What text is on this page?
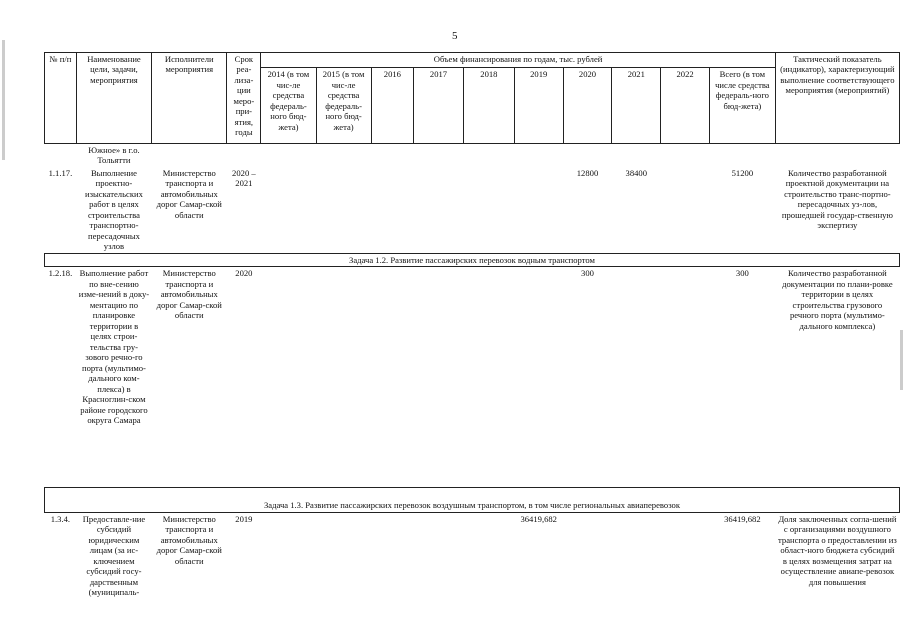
5
№ п/п	Наименование цели, задачи, мероприятия	Исполнители мероприятия	Срок реа-лиза-ции меро-при-ятия, годы	Объем финансирования по годам, тыс. рублей										Тактический показатель (индикатор), характеризующий выполнение соответствующего мероприятия (мероприятий)
				2014 (в том чис-ле средства федераль-ного бюд-жета)	2015 (в том чис-ле средства федераль-ного бюд-жета)	2016	2017	2018	2019	2020	2021	2022	Всего (в том числе средства федераль-ного бюд-жета)	
	Южное» в г.о. Тольятти													
1.1.17.	Выполнение проектно-изыскательских работ в целях строительства транспортно-пересадочных узлов	Министерство транспорта и автомобильных дорог Самар-ской области	2020 – 2021							12800	38400		51200	Количество разработанной проектной документации на строительство транс-портно-пересадочных уз-лов, прошедшей государ-ственную экспертизу
Задача 1.2. Развитие пассажирских перевозок водным транспортом														
1.2.18.	Выполнение работ по вне-сению изме-нений в доку-ментацию по планировке территории в целях строи-тельства гру-зового речно-го порта (мультимо-дального ком-плекса) в Красноглин-ском районе городского округа Самара	Министерство транспорта и автомобильных дорог Самар-ской области	2020							300			300	Количество разработанной документации по плани-ровке территории в целях строительства грузового речного порта (мультимо-дального комплекса)
Задача 1.3. Развитие пассажирских перевозок воздушным транспортом, в том числе региональных авиаперевозок														
1.3.4.	Предоставле-ние субсидий юридическим лицам (за ис-ключением субсидий госу-дарственным (муниципаль-	Министерство транспорта и автомобильных дорог Самар-ской области	2019						36419,682				36419,682	Доля заключенных согла-шений с организациями воздушного транспорта о предоставлении из област-ного бюджета субсидий в целях возмещения затрат на осуществление авиапе-ревозок для повышения
